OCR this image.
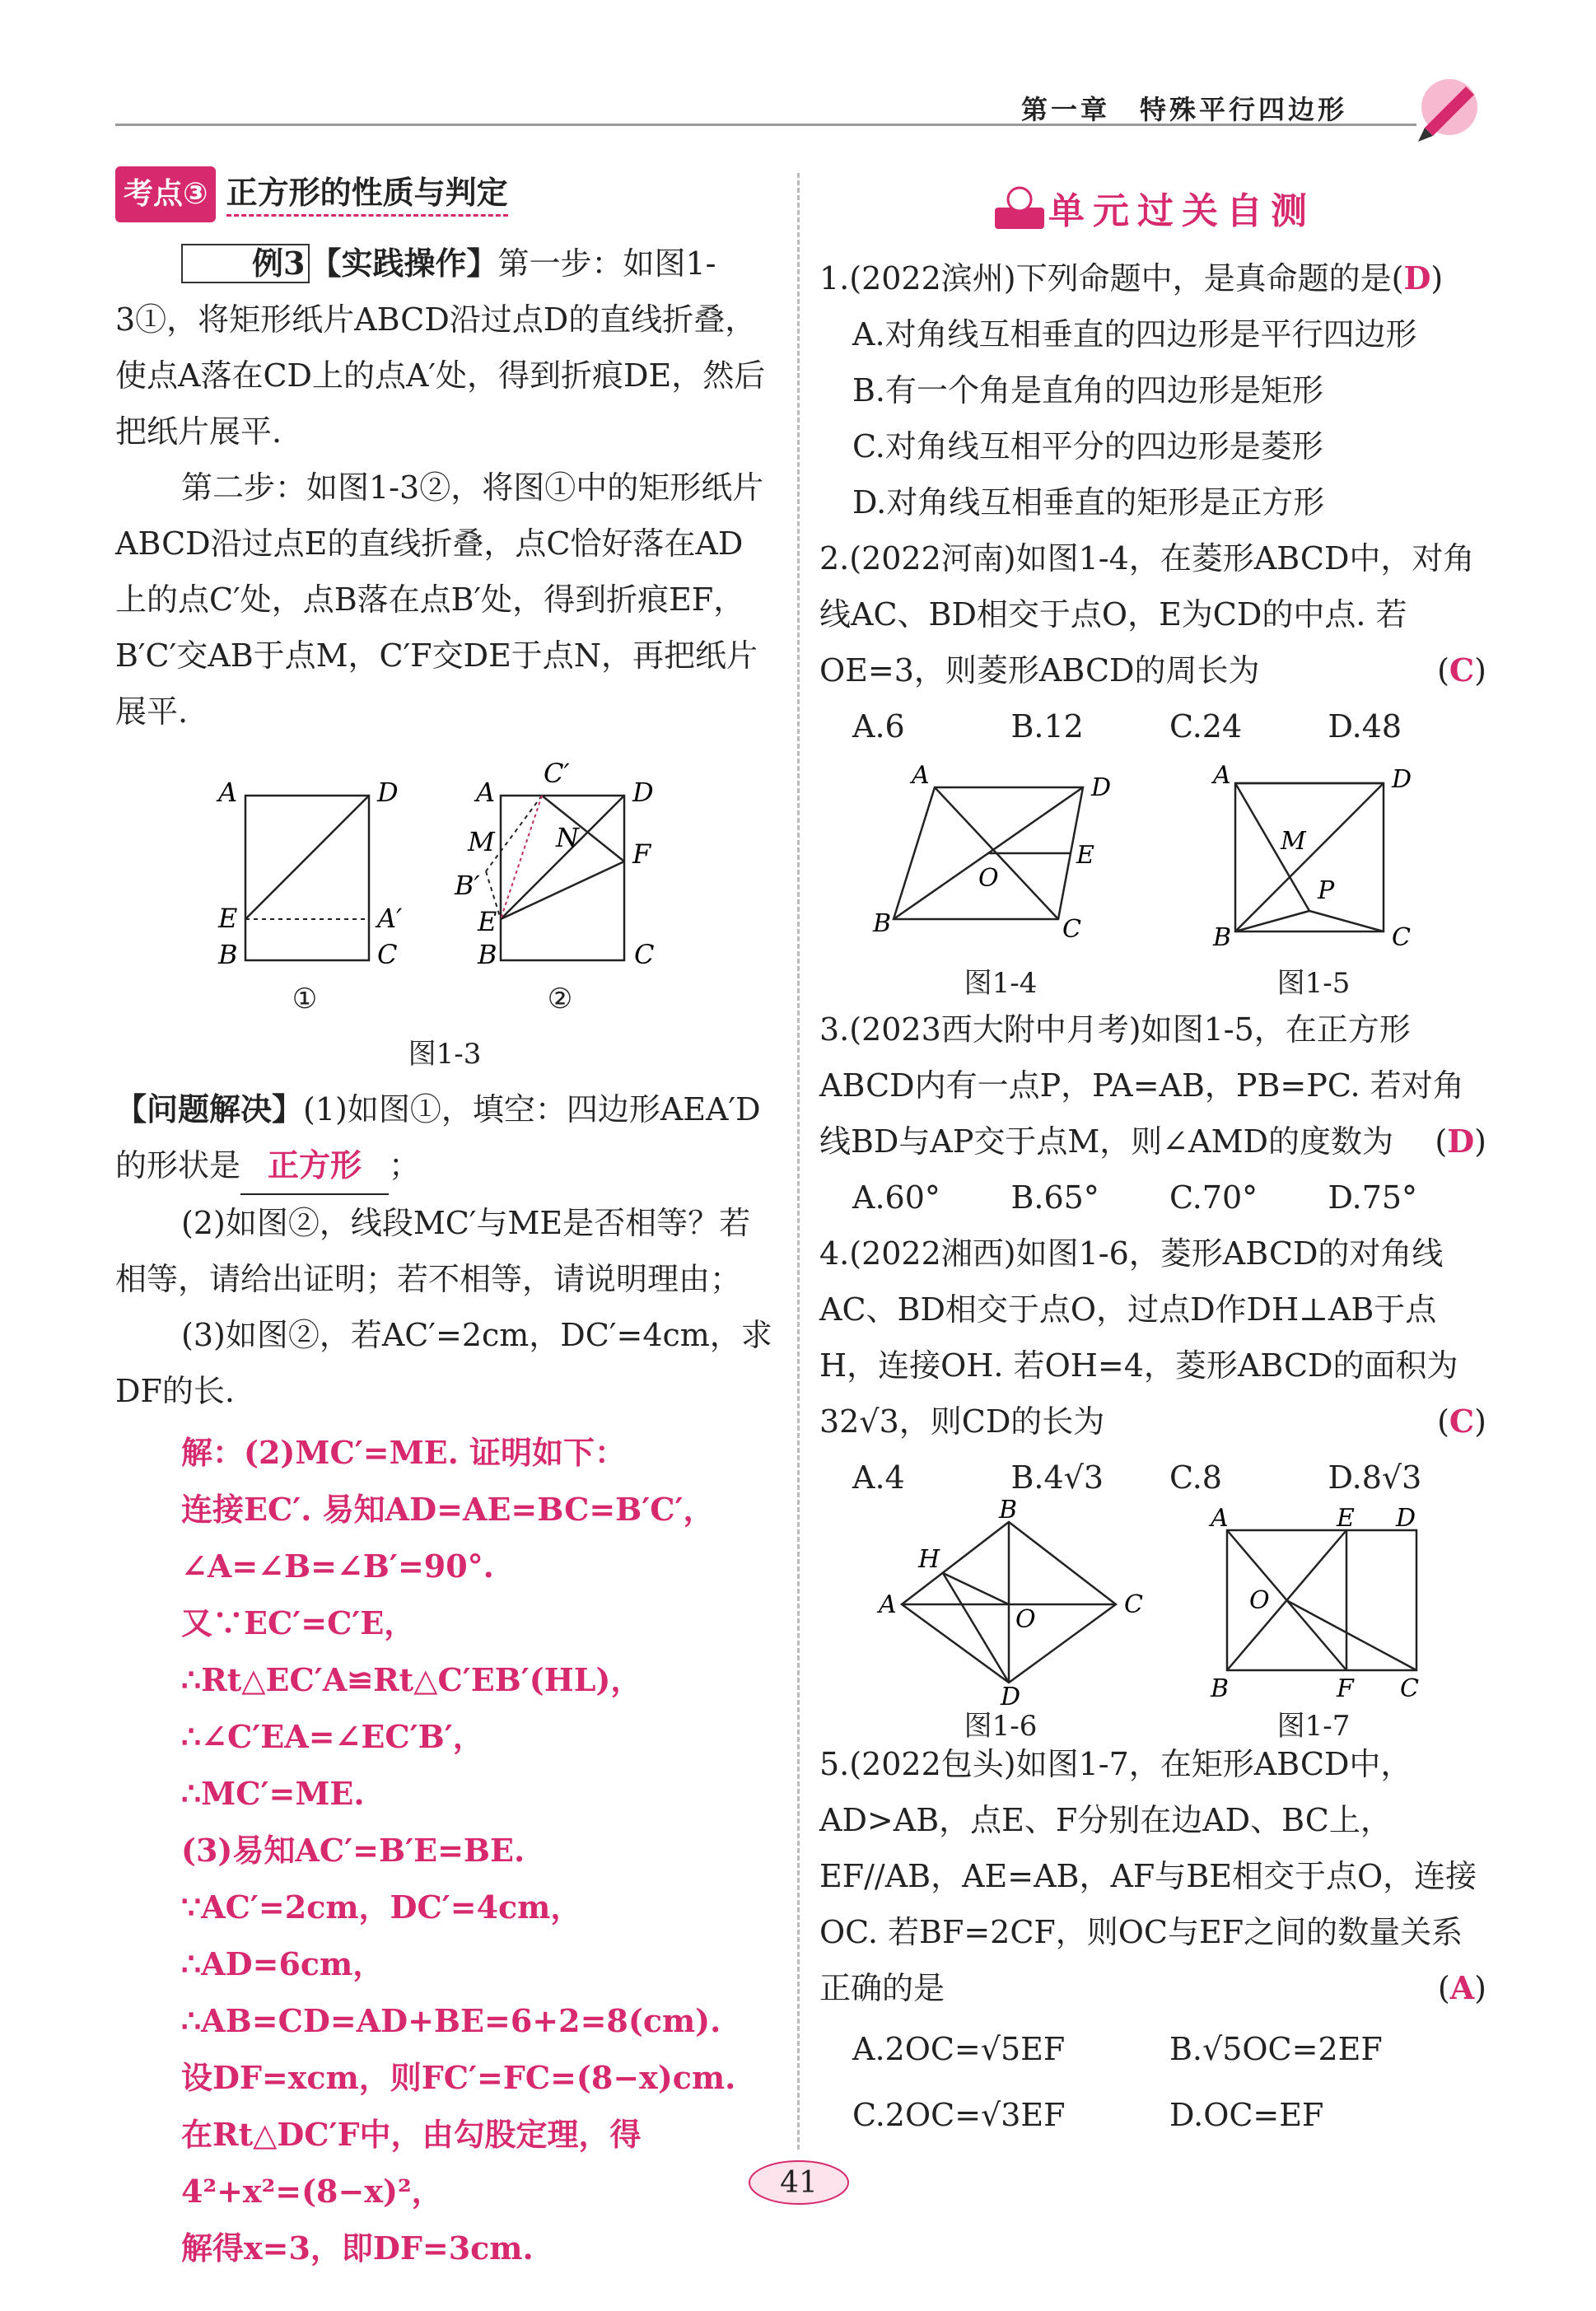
第一章　特殊平行四边形

考点③ 正方形的性质与判定

例3 【实践操作】第一步：如图1-3①，将矩形纸片ABCD沿过点D的直线折叠，使点A落在CD上的点A′处，得到折痕DE，然后把纸片展平.

第二步：如图1-3②，将图①中的矩形纸片ABCD沿过点E的直线折叠，点C恰好落在AD上的点C′处，点B落在点B′处，得到折痕EF，B′C′交AB于点M，C′F交DE于点N，再把纸片展平.

A	D
E	A′
B	C
A
C′
D
M N
F
B′
E
B	C
①	②
图1-3

【问题解决】(1)如图①，填空：四边形AEA′D的形状是 正方形 ；

(2)如图②，线段MC′与ME是否相等？若相等，请给出证明；若不相等，请说明理由；

(3)如图②，若AC′=2cm，DC′=4cm，求DF的长.

解：(2)MC′=ME. 证明如下：

连接EC′. 易知AD=AE=BC=B′C′，

∠A=∠B=∠B′=90°.

又∵EC′=C′E，

∴Rt△EC′A≌Rt△C′EB′(HL)，

∴∠C′EA=∠EC′B′，

∴MC′=ME.

(3)易知AC′=B′E=BE.

∵AC′=2cm，DC′=4cm，∴AD=6cm，

∴AB=CD=AD+BE=6+2=8(cm).

设DF=xcm，则FC′=FC=(8−x)cm.

在Rt△DC′F中，由勾股定理，得

4²+x²=(8−x)²，

解得x=3，即DF=3cm.

单元过关自测

1.(2022滨州)下列命题中，是真命题的是(D)

A.对角线互相垂直的四边形是平行四边形

B.有一个角是直角的四边形是矩形

C.对角线互相平分的四边形是菱形

D.对角线互相垂直的矩形是正方形

2.(2022河南)如图1-4，在菱形ABCD中，对角线AC、BD相交于点O，E为CD的中点. 若OE=3，则菱形ABCD的周长为	(C)

A.6	B.12	C.24	D.48
A	D
E
O
B	C
A	D
M
P
B	C
图1-4	图1-5

3.(2023西大附中月考)如图1-5，在正方形ABCD内有一点P，PA=AB，PB=PC. 若对角线BD与AP交于点M，则∠AMD的度数为 (D)

A.60°	B.65°	C.70°	D.75°

4.(2022湘西)如图1-6，菱形ABCD的对角线AC、BD相交于点O，过点D作DH⊥AB于点H，连接OH. 若OH=4，菱形ABCD的面积为32√3，则CD的长为	(C)

A.4	B.4√3	C.8	D.8√3
B
H
A
O
C
D
A	E D
O
B	F C
图1-6	图1-7

5.(2022包头)如图1-7，在矩形ABCD中，AD>AB，点E、F分别在边AD、BC上，EF//AB，AE=AB，AF与BE相交于点O，连接OC. 若BF=2CF，则OC与EF之间的数量关系正确的是	(A)

A.2OC=√5EF	B.√5OC=2EF
C.2OC=√3EF	D.OC=EF
41
